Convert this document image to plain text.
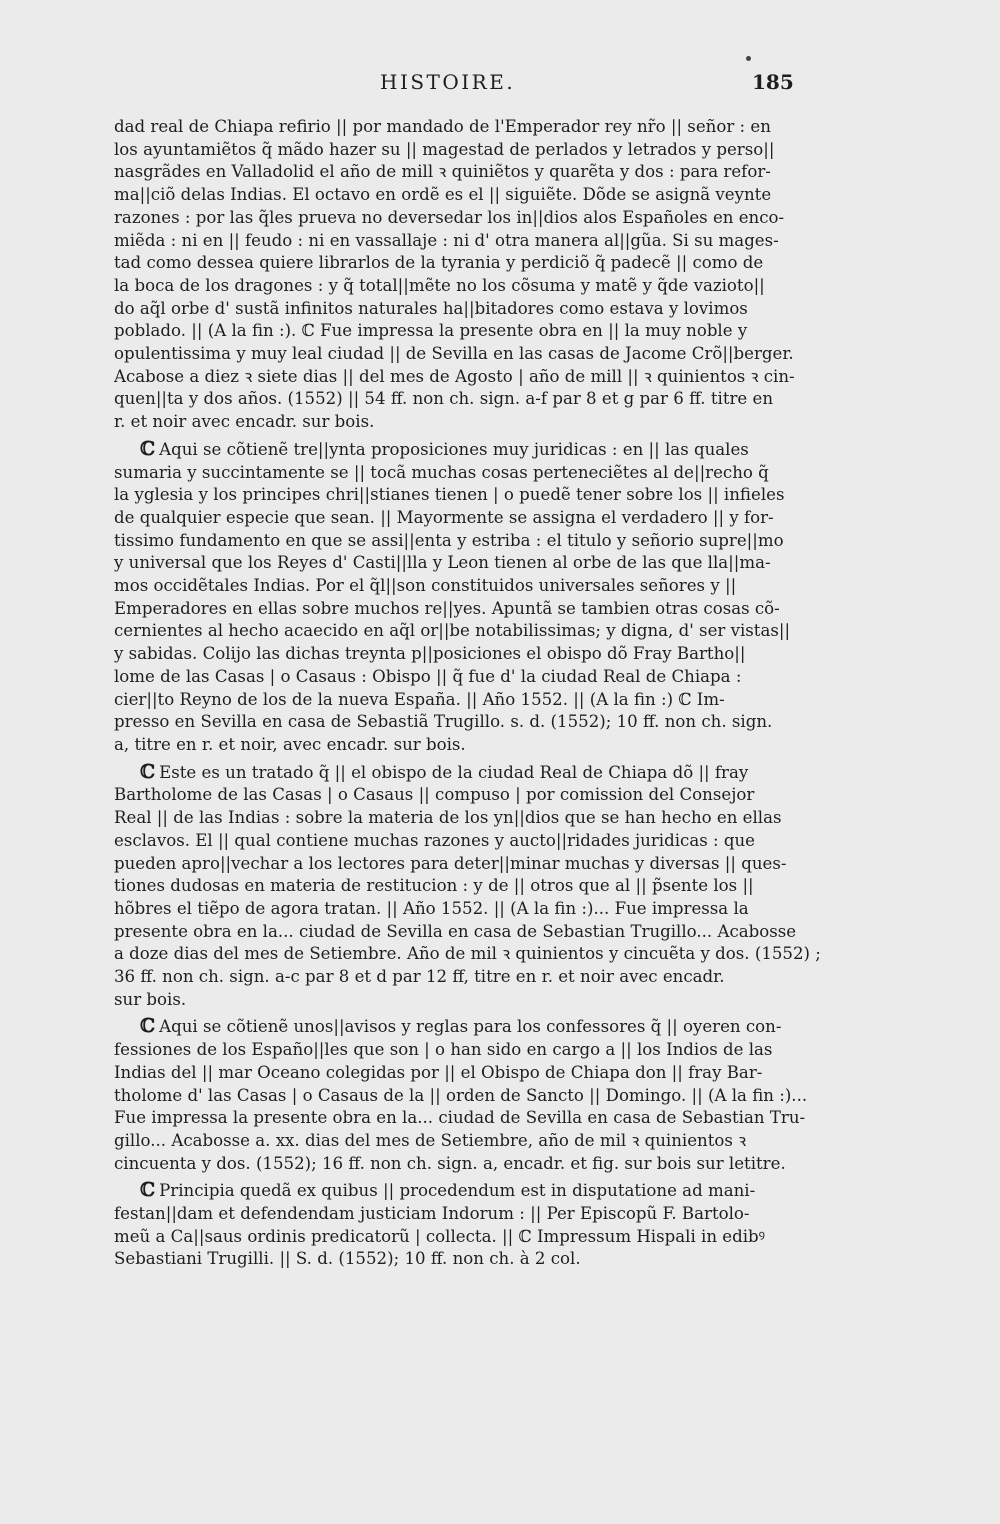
HISTOIRE.	185
dad real de Chiapa refirio || por mandado de l'Emperador rey nr̃o || señor : en
los ayuntamiẽtos q̃ mãdo hazer su || magestad de perlados y letrados y perso||
nasgrãdes en Valladolid el año de mill ꝛ quiniẽtos y quarẽta y dos : para refor-
ma||ciõ delas Indias. El octavo en ordẽ es el || siguiẽte. Dõde se asignã veynte
razones : por las q̃les prueva no deversedar los in||dios alos Españoles en enco-
miẽda : ni en || feudo : ni en vassallaje : ni d' otra manera al||gũa. Si su mages-
tad como dessea quiere librarlos de la tyrania y perdiciõ q̃ padecẽ || como de
la boca de los dragones : y q̃ total||mẽte no los cõsuma y matẽ y q̃de vazioto||
do aq̃l orbe d' sustã infinitos naturales ha||bitadores como estava y lovimos
poblado. || (A la fin :). ℂ Fue impressa la presente obra en || la muy noble y
opulentissima y muy leal ciudad || de Sevilla en las casas de Jacome Crõ||berger.
Acabose a diez ꝛ siete dias || del mes de Agosto | año de mill || ꝛ quinientos ꝛ cin-
quen||ta y dos años. (1552) || 54 ff. non ch. sign. a-f par 8 et g par 6 ff. titre en
r. et noir avec encadr. sur bois.
ℂ Aqui se cõtienẽ tre||ynta proposiciones muy juridicas : en || las quales
sumaria y succintamente se || tocã muchas cosas perteneciẽtes al de||recho q̃
la yglesia y los principes chri||stianes tienen | o puedẽ tener sobre los || infieles
de qualquier especie que sean. || Mayormente se assigna el verdadero || y for-
tissimo fundamento en que se assi||enta y estriba : el titulo y señorio supre||mo
y universal que los Reyes d' Casti||lla y Leon tienen al orbe de las que lla||ma-
mos occidẽtales Indias. Por el q̃l||son constituidos universales señores y ||
Emperadores en ellas sobre muchos re||yes. Apuntã se tambien otras cosas cõ-
cernientes al hecho acaecido en aq̃l or||be notabilissimas; y digna, d' ser vistas||
y sabidas. Colijo las dichas treynta p||posiciones el obispo dõ Fray Bartho||
lome de las Casas | o Casaus : Obispo || q̃ fue d' la ciudad Real de Chiapa :
cier||to Reyno de los de la nueva España. || Año 1552. || (A la fin :) ℂ Im-
presso en Sevilla en casa de Sebastiã Trugillo. s. d. (1552); 10 ff. non ch. sign.
a, titre en r. et noir, avec encadr. sur bois.
ℂ Este es un tratado q̃ || el obispo de la ciudad Real de Chiapa dõ || fray
Bartholome de las Casas | o Casaus || compuso | por comission del Consejor
Real || de las Indias : sobre la materia de los yn||dios que se han hecho en ellas
esclavos. El || qual contiene muchas razones y aucto||ridades juridicas : que
pueden apro||vechar a los lectores para deter||minar muchas y diversas || ques-
tiones dudosas en materia de restitucion : y de || otros que al || p̃sente los ||
hõbres el tiẽpo de agora tratan. || Año 1552. || (A la fin :)... Fue impressa la
presente obra en la... ciudad de Sevilla en casa de Sebastian Trugillo... Acabosse
a doze dias del mes de Setiembre. Año de mil ꝛ quinientos y cincuẽta y dos. (1552) ;
36 ff. non ch. sign. a-c par 8 et d par 12 ff, titre en r. et noir avec encadr.
sur bois.
ℂ Aqui se cõtienẽ unos||avisos y reglas para los confessores q̃ || oyeren con-
fessiones de los Españo||les que son | o han sido en cargo a || los Indios de las
Indias del || mar Oceano colegidas por || el Obispo de Chiapa don || fray Bar-
tholome d' las Casas | o Casaus de la || orden de Sancto || Domingo. || (A la fin :)...
Fue impressa la presente obra en la... ciudad de Sevilla en casa de Sebastian Tru-
gillo... Acabosse a. xx. dias del mes de Setiembre, año de mil ꝛ quinientos ꝛ
cincuenta y dos. (1552); 16 ff. non ch. sign. a, encadr. et fig. sur bois sur letitre.
ℂ Principia quedã ex quibus || procedendum est in disputatione ad mani-
festan||dam et defendendam justiciam Indorum : || Per Episcopũ F. Bartolo-
meũ a Ca||saus ordinis predicatorũ | collecta. || ℂ Impressum Hispali in edibꝰ
Sebastiani Trugilli. || S. d. (1552); 10 ff. non ch. à 2 col.
